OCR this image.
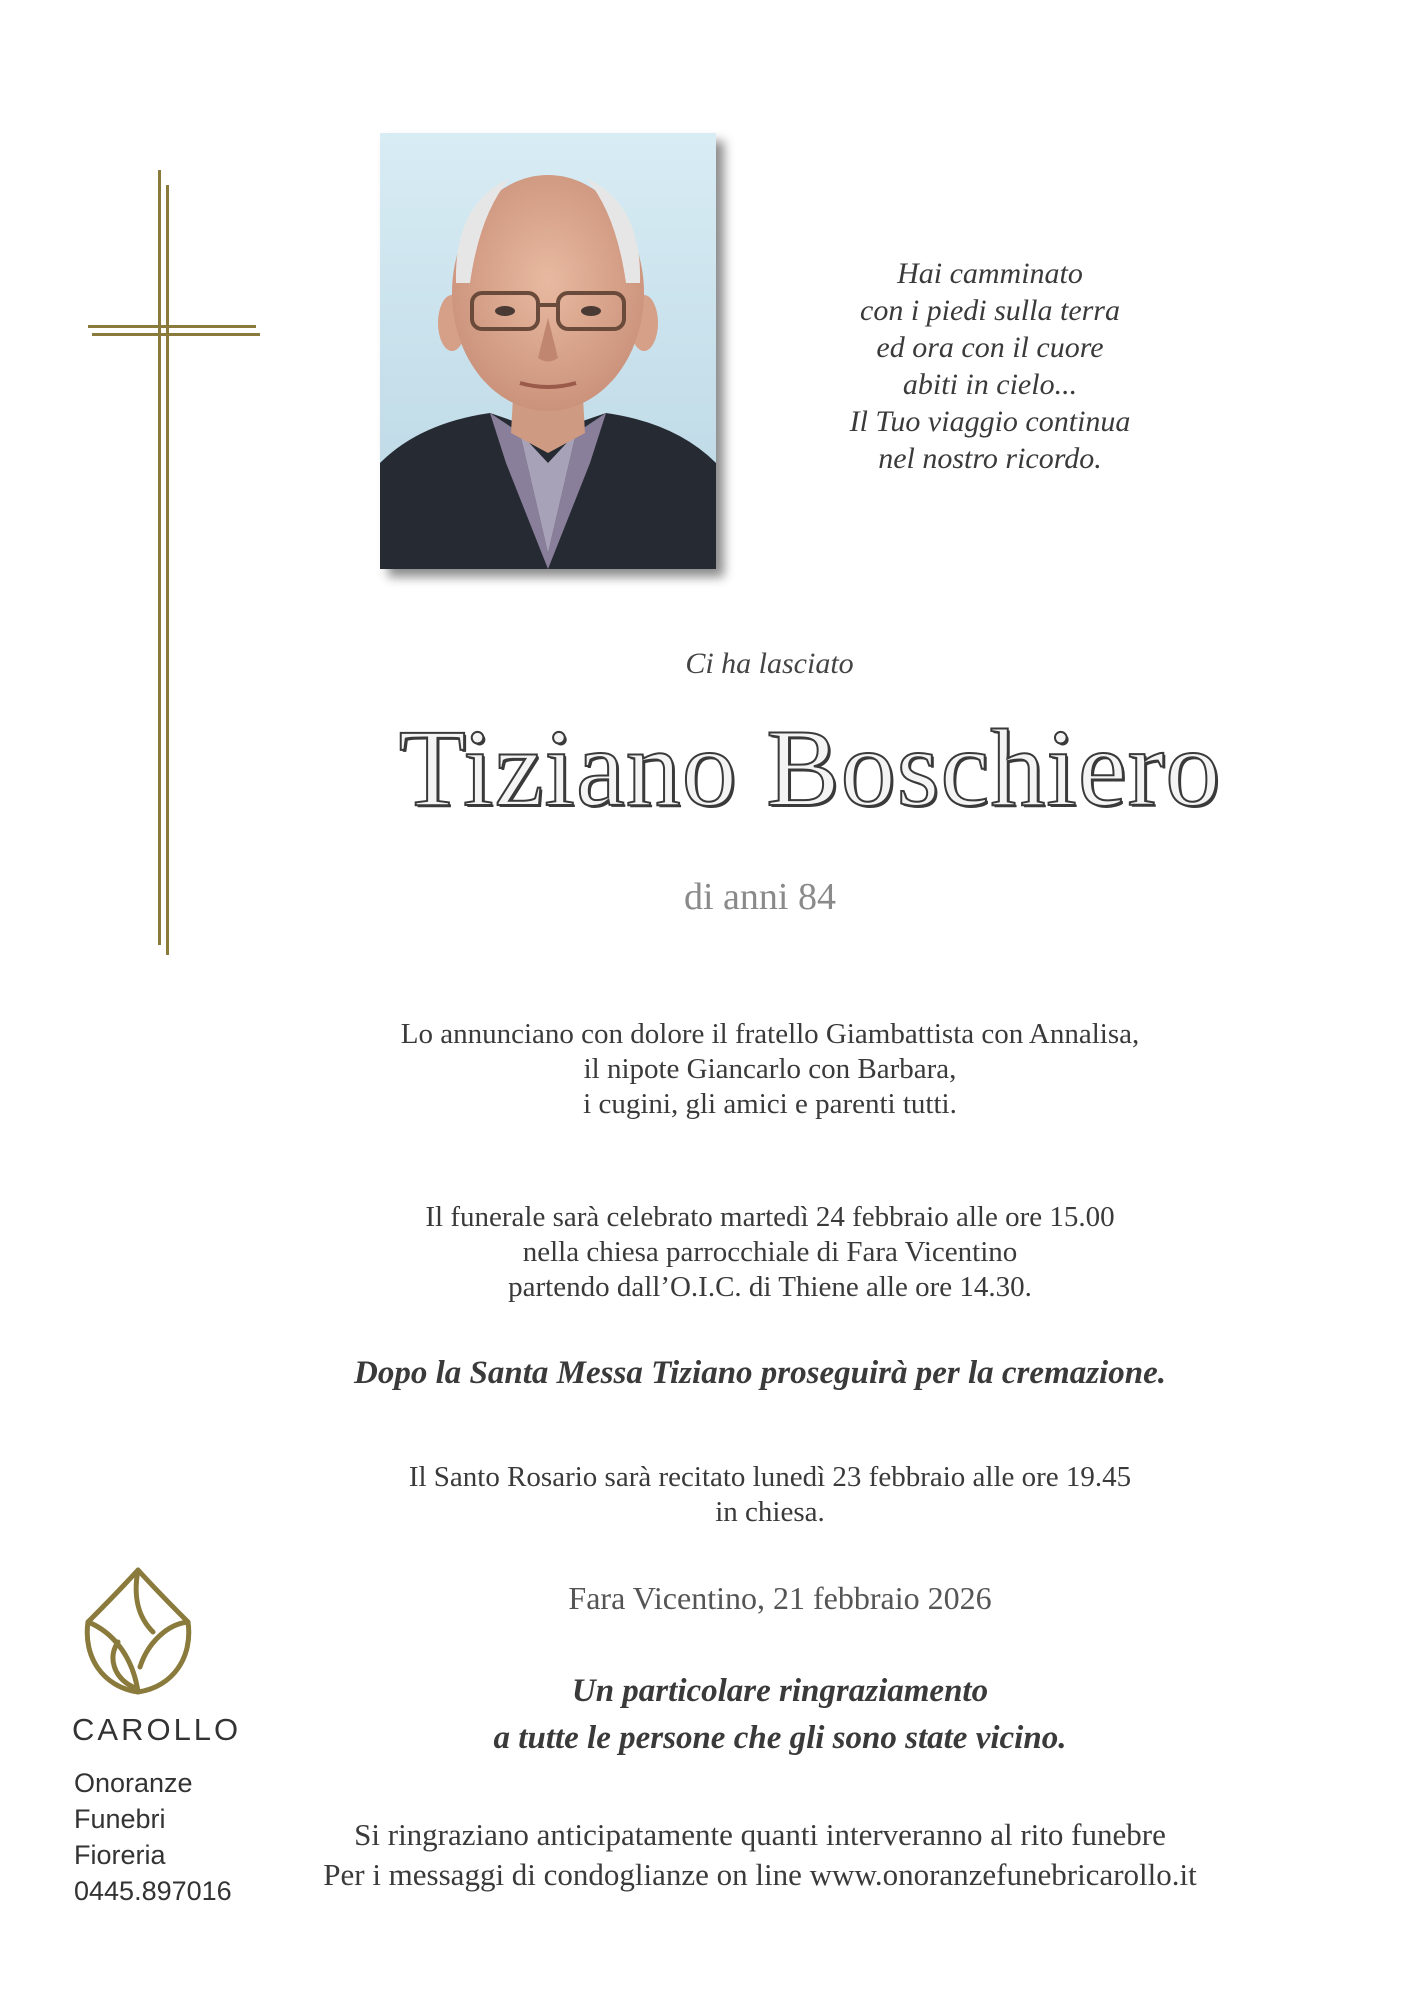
Hai camminato
con i piedi sulla terra
ed ora con il cuore
abiti in cielo...
Il Tuo viaggio continua
nel nostro ricordo.
Ci ha lasciato
Tiziano Boschiero
di anni 84
Lo annunciano con dolore il fratello Giambattista con Annalisa,
il nipote Giancarlo con Barbara,
i cugini, gli amici e parenti tutti.
Il funerale sarà celebrato martedì 24 febbraio alle ore 15.00
nella chiesa parrocchiale di Fara Vicentino
partendo dall’O.I.C. di Thiene alle ore 14.30.
Dopo la Santa Messa Tiziano proseguirà per la cremazione.
Il Santo Rosario sarà recitato lunedì 23 febbraio alle ore 19.45
in chiesa.
Fara Vicentino, 21 febbraio 2026
Un particolare ringraziamento
a tutte le persone che gli sono state vicino.
Si ringraziano anticipatamente quanti interveranno al rito funebre
Per i messaggi di condoglianze on line www.onoranzefunebricarollo.it
CAROLLO
Onoranze
Funebri
Fioreria
0445.897016
